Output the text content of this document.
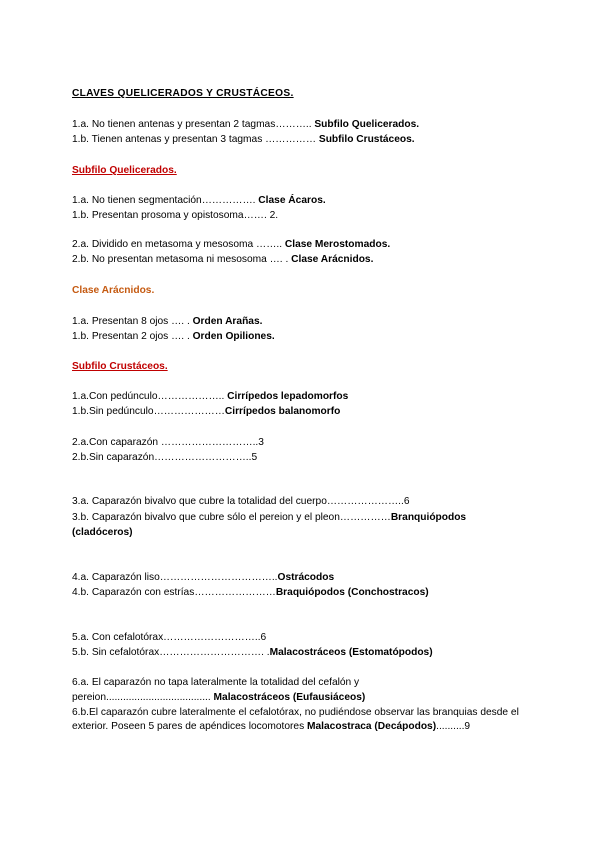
CLAVES QUELICERADOS Y CRUSTÁCEOS.
1.a. No tienen antenas y presentan 2 tagmas……….. Subfilo Quelicerados.
1.b. Tienen antenas y presentan 3 tagmas …………… Subfilo Crustáceos.
Subfilo Quelicerados.
1.a. No tienen segmentación……………. Clase Ácaros.
1.b. Presentan prosoma y opistosoma……. 2.
2.a. Dividido en metasoma y mesosoma …….. Clase Merostomados.
2.b. No presentan metasoma ni mesosoma …. . Clase Arácnidos.
Clase Arácnidos.
1.a. Presentan 8 ojos …. . Orden Arañas.
1.b. Presentan 2 ojos …. . Orden Opiliones.
Subfilo Crustáceos.
1.a.Con pedúnculo……………….. Cirrípedos lepadomorfos
1.b.Sin pedúnculo…………………Cirrípedos balanomorfo
2.a.Con caparazón ………………………..3
2.b.Sin caparazón………………………..5
3.a. Caparazón bivalvo que cubre la totalidad del cuerpo…………………..6
3.b. Caparazón bivalvo que cubre sólo el pereion y el pleon……………Branquiópodos
(cladóceros)
4.a. Caparazón liso……………………………..Ostrácodos
4.b. Caparazón con estrías……………………Braquiópodos (Conchostracos)
5.a. Con cefalotórax………………………..6
5.b. Sin cefalotórax…………………………. .Malacostráceos (Estomatópodos)
6.a. El caparazón no tapa lateralmente la totalidad del cefalón y
pereion..................................... Malacostráceos (Eufausiáceos)
6.b.El caparazón cubre lateralmente el cefalotórax, no pudiéndose observar las branquias desde el exterior. Poseen 5 pares de apéndices locomotores Malacostraca (Decápodos)..........9
